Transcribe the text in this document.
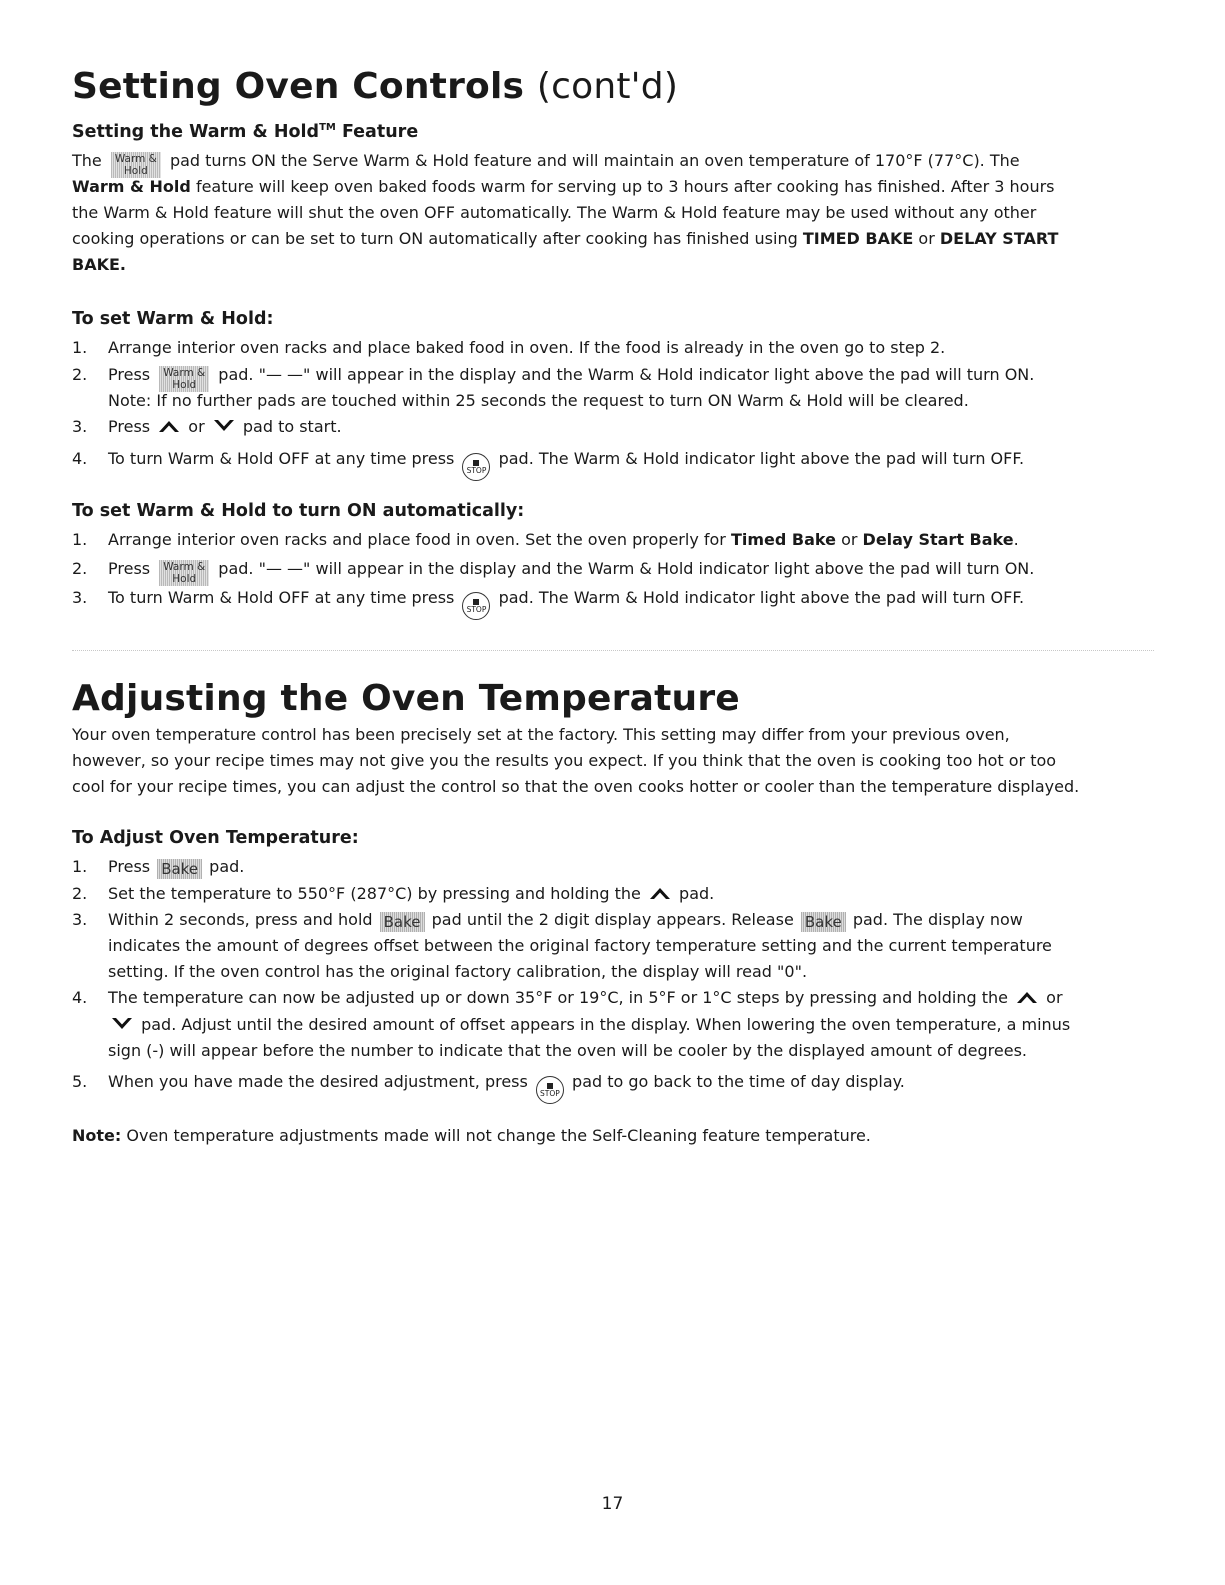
Setting Oven Controls (cont'd)
Setting the Warm & Hold™ Feature
The Warm &
Hold pad turns ON the Serve Warm & Hold feature and will maintain an oven temperature of 170°F (77°C). The
Warm & Hold feature will keep oven baked foods warm for serving up to 3 hours after cooking has finished. After 3 hours
the Warm & Hold feature will shut the oven OFF automatically. The Warm & Hold feature may be used without any other
cooking operations or can be set to turn ON automatically after cooking has finished using TIMED BAKE or DELAY START
BAKE.
To set Warm & Hold:
1. Arrange interior oven racks and place baked food in oven. If the food is already in the oven go to step 2.
2. Press Warm &
Hold pad. "— —" will appear in the display and the Warm & Hold indicator light above the pad will turn ON.
Note: If no further pads are touched within 25 seconds the request to turn ON Warm & Hold will be cleared.
3. Press or pad to start.
4. To turn Warm & Hold OFF at any time press
STOP pad. The Warm & Hold indicator light above the pad will turn OFF.
To set Warm & Hold to turn ON automatically:
1. Arrange interior oven racks and place food in oven. Set the oven properly for Timed Bake or Delay Start Bake.
2. Press Warm &
Hold pad. "— —" will appear in the display and the Warm & Hold indicator light above the pad will turn ON.
3. To turn Warm & Hold OFF at any time press
STOP pad. The Warm & Hold indicator light above the pad will turn OFF.
Adjusting the Oven Temperature
Your oven temperature control has been precisely set at the factory. This setting may differ from your previous oven,
however, so your recipe times may not give you the results you expect. If you think that the oven is cooking too hot or too
cool for your recipe times, you can adjust the control so that the oven cooks hotter or cooler than the temperature displayed.
To Adjust Oven Temperature:
1. Press Bake pad.
2. Set the temperature to 550°F (287°C) by pressing and holding the pad.
3. Within 2 seconds, press and hold Bake pad until the 2 digit display appears. Release Bake pad. The display now
indicates the amount of degrees offset between the original factory temperature setting and the current temperature
setting. If the oven control has the original factory calibration, the display will read "0".
4. The temperature can now be adjusted up or down 35°F or 19°C, in 5°F or 1°C steps by pressing and holding the or
pad. Adjust until the desired amount of offset appears in the display. When lowering the oven temperature, a minus
sign (-) will appear before the number to indicate that the oven will be cooler by the displayed amount of degrees.
5. When you have made the desired adjustment, press
STOP pad to go back to the time of day display.
Note: Oven temperature adjustments made will not change the Self-Cleaning feature temperature.
17
